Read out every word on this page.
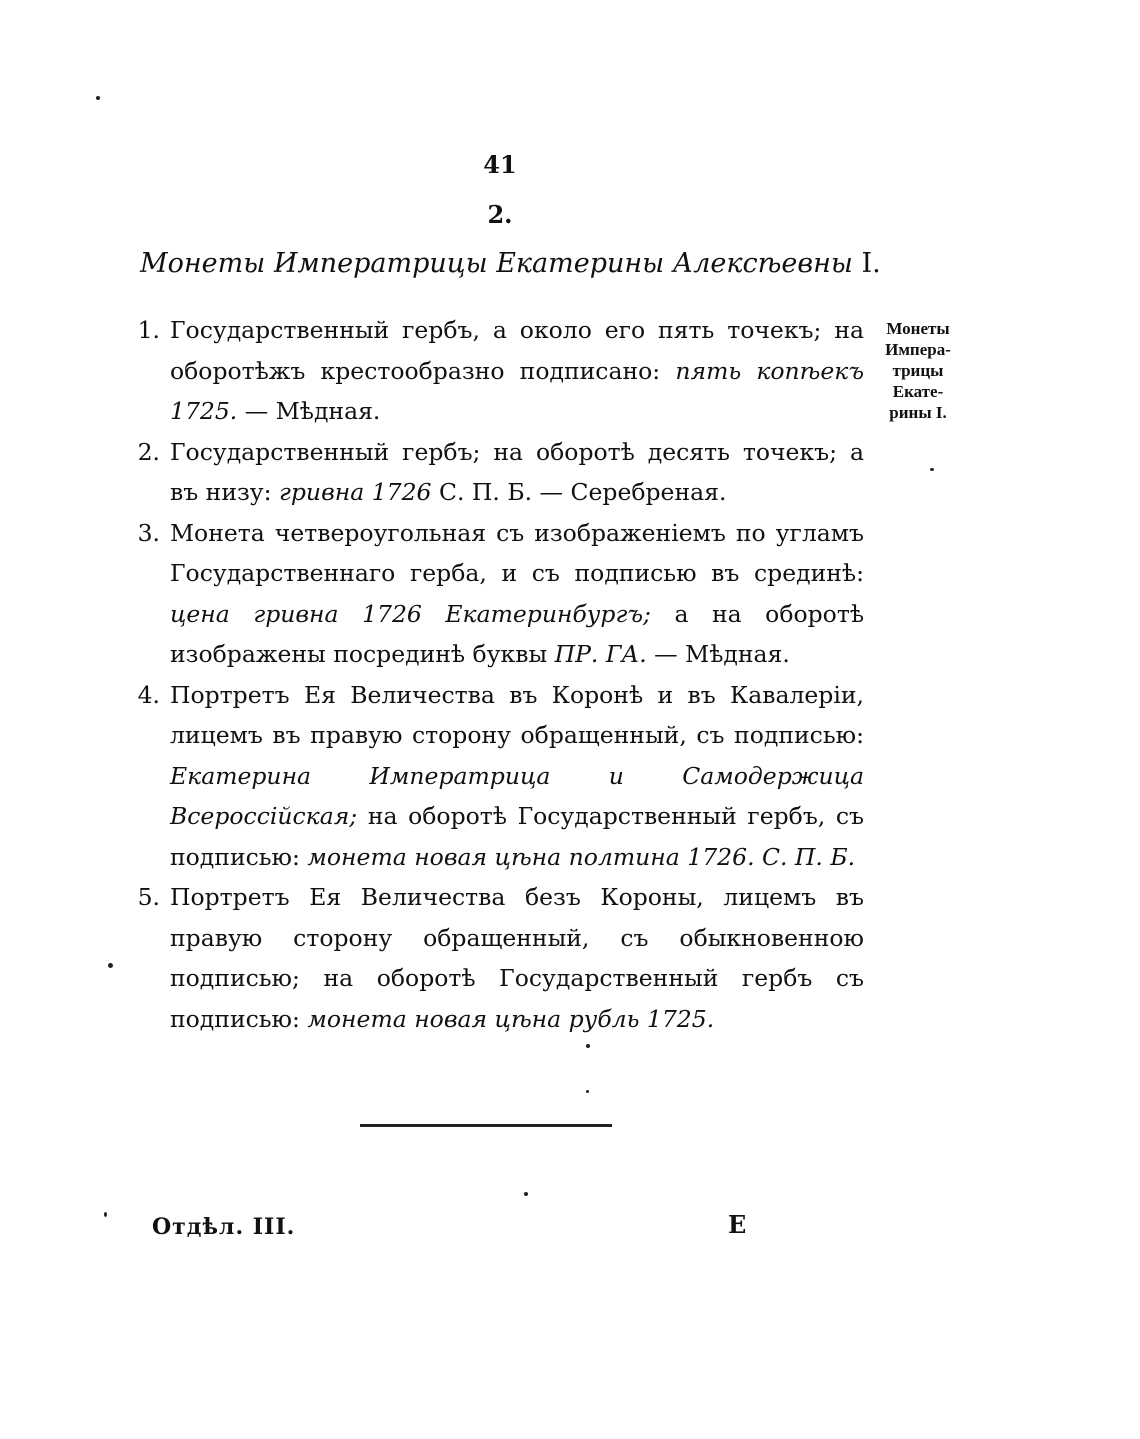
41
2.
Монеты Императрицы Екатерины Алексѣевны I.
Монеты
Импера-
трицы
Екате-
рины I.
1. Государственный гербъ, а около его пять точекъ; на оборотѣжъ крестообразно подписано: пять копѣекъ 1725. — Мѣдная.
2. Государственный гербъ; на оборотѣ десять точекъ; а въ низу: гривна 1726 С. П. Б. — Серебреная.
3. Монета четвероугольная съ изображеніемъ по угламъ Государственнаго герба, и съ подписью въ срединѣ: цена гривна 1726 Екатеринбургъ; а на оборотѣ изображены посрединѣ буквы ПР. ГА. — Мѣдная.
4. Портретъ Ея Величества въ Коронѣ и въ Кавалеріи, лицемъ въ правую сторону обращенный, съ подписью: Екатерина Императрица и Самодержица Всероссійская; на оборотѣ Государственный гербъ, съ подписью: монета новая цѣна полтина 1726. С. П. Б.
5. Портретъ Ея Величества безъ Короны, лицемъ въ правую сторону обращенный, съ обыкновенною подписью; на оборотѣ Государственный гербъ съ подписью: монета новая цѣна рубль 1725.
Отдѣл. III.	Е
